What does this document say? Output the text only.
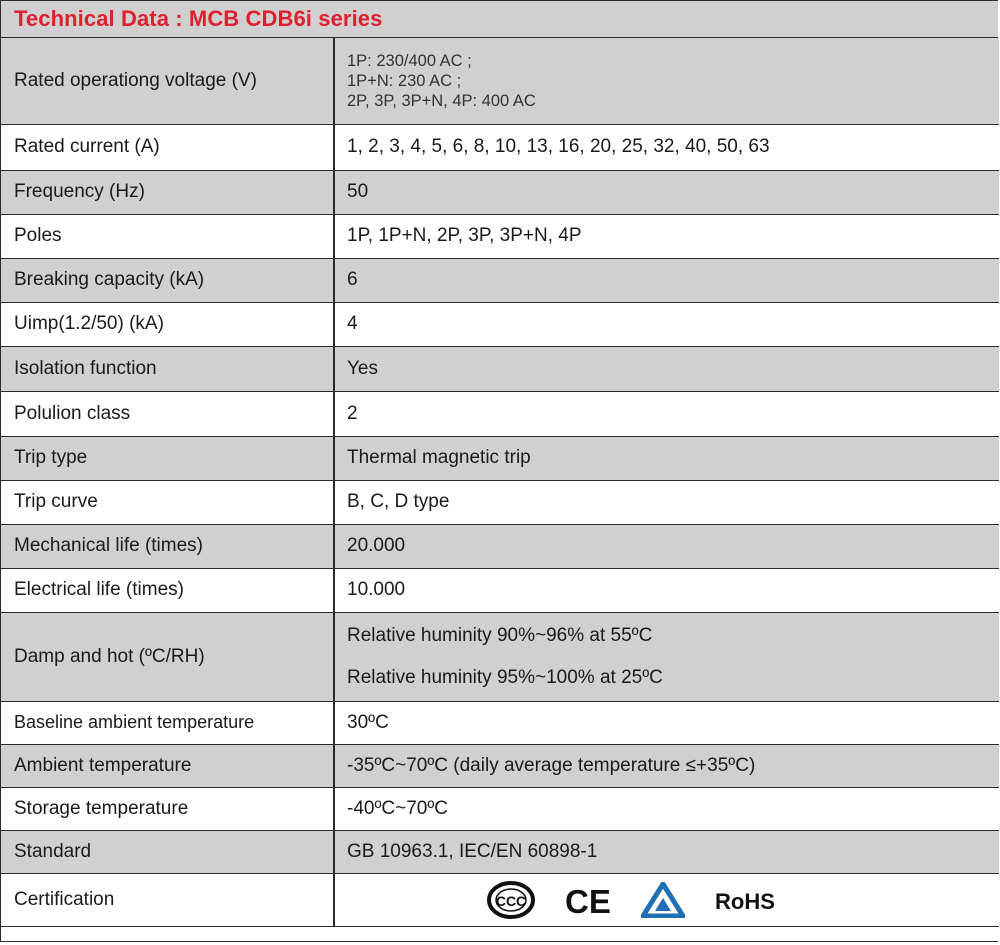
Technical Data : MCB CDB6i series
Rated operationg voltage (V)	1P: 230/400 AC ;
1P+N: 230 AC ;
2P, 3P, 3P+N, 4P: 400 AC

Rated current (A)	1, 2, 3, 4, 5, 6, 8, 10, 13, 16, 20, 25, 32, 40, 50, 63
Frequency (Hz)	50
Poles	1P, 1P+N, 2P, 3P, 3P+N, 4P
Breaking capacity (kA)	6
Uimp(1.2/50) (kA)	4
Isolation function	Yes
Polulion class	2
Trip type	Thermal magnetic trip
Trip curve	B, C, D type
Mechanical life (times)	20.000
Electrical life (times)	10.000
Damp and hot (ºC/RH)	Relative huminity 90%~96% at 55ºC
Relative huminity 95%~100% at 25ºC

Baseline ambient temperature	30ºC
Ambient temperature	-35ºC~70ºC (daily average temperature ≤+35ºC)
Storage temperature	-40ºC~70ºC
Standard	GB 10963.1, IEC/EN 60898-1
Certification	CCC CE RoHS
